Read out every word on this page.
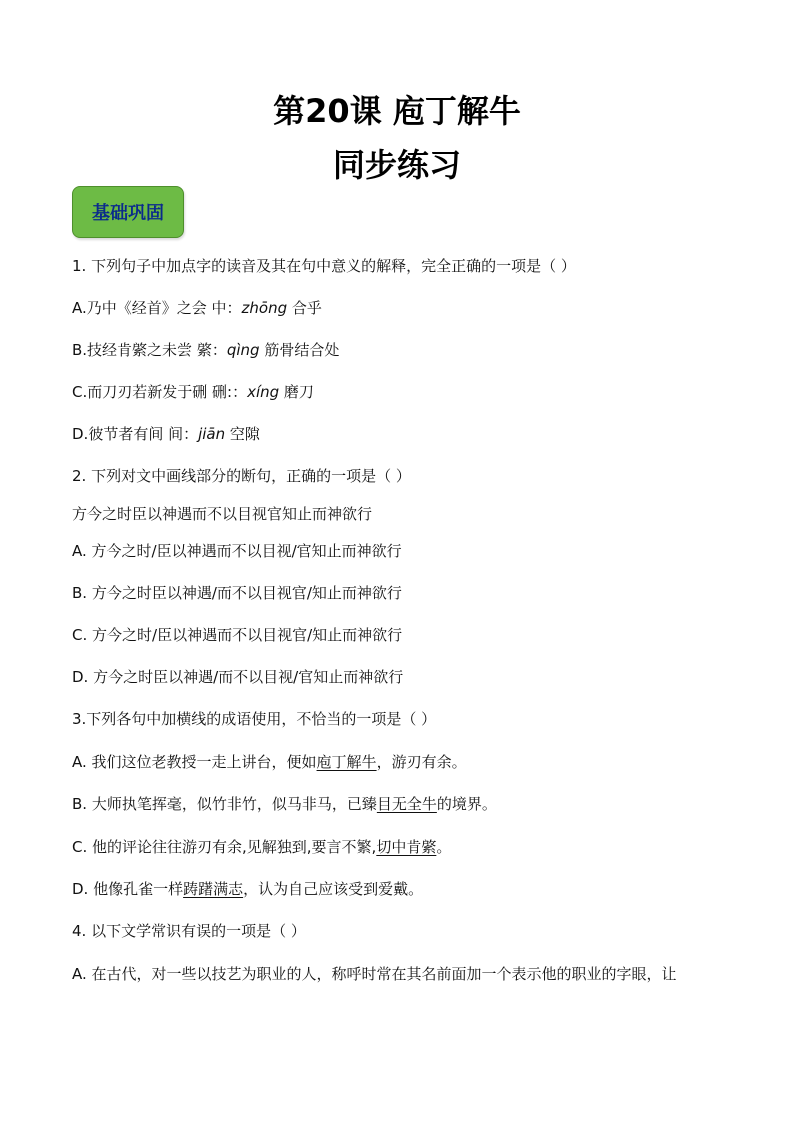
第20课 庖丁解牛
同步练习
基础巩固
1. 下列句子中加点字的读音及其在句中意义的解释，完全正确的一项是（ ）
A.乃中《经首》之会 中：zhōng 合乎
B.技经肯綮之未尝 綮：qìng 筋骨结合处
C.而刀刃若新发于硎 硎:：xíng 磨刀
D.彼节者有间 间：jiān 空隙
2. 下列对文中画线部分的断句，正确的一项是（ ）
方今之时臣以神遇而不以目视官知止而神欲行
A. 方今之时/臣以神遇而不以目视/官知止而神欲行
B. 方今之时臣以神遇/而不以目视官/知止而神欲行
C. 方今之时/臣以神遇而不以目视官/知止而神欲行
D. 方今之时臣以神遇/而不以目视/官知止而神欲行
3.下列各句中加横线的成语使用，不恰当的一项是（ ）
A. 我们这位老教授一走上讲台，便如庖丁解牛，游刃有余。
B. 大师执笔挥毫，似竹非竹，似马非马，已臻目无全牛的境界。
C. 他的评论往往游刃有余,见解独到,要言不繁,切中肯綮。
D. 他像孔雀一样踌躇满志，认为自己应该受到爱戴。
4. 以下文学常识有误的一项是（ ）
A. 在古代，对一些以技艺为职业的人，称呼时常在其名前面加一个表示他的职业的字眼，让
